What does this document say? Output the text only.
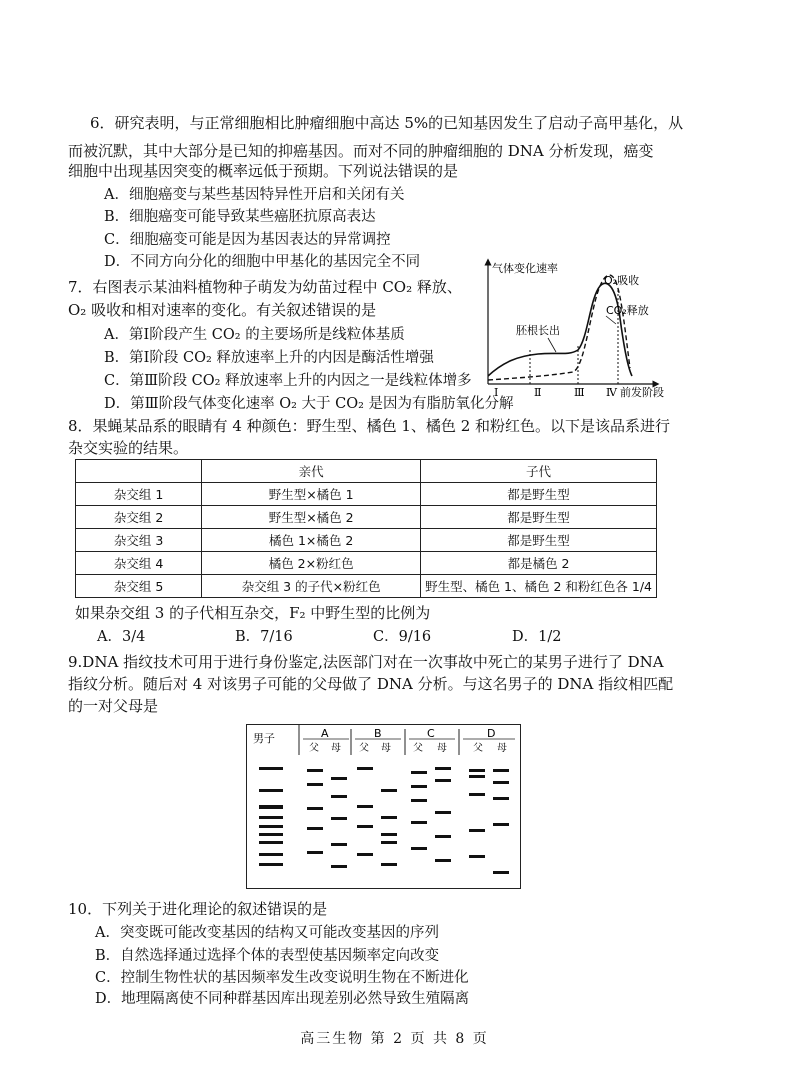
6．研究表明，与正常细胞相比肿瘤细胞中高达 5%的已知基因发生了启动子高甲基化，从
而被沉默，其中大部分是已知的抑癌基因。而对不同的肿瘤细胞的 DNA 分析发现，癌变
细胞中出现基因突变的概率远低于预期。下列说法错误的是
A．细胞癌变与某些基因特异性开启和关闭有关
B．细胞癌变可能导致某些癌胚抗原高表达
C．细胞癌变可能是因为基因表达的异常调控
D．不同方向分化的细胞中甲基化的基因完全不同
7．右图表示某油料植物种子萌发为幼苗过程中 CO₂ 释放、
O₂ 吸收和相对速率的变化。有关叙述错误的是
A．第Ⅰ阶段产生 CO₂ 的主要场所是线粒体基质
B．第Ⅰ阶段 CO₂ 释放速率上升的内因是酶活性增强
C．第Ⅲ阶段 CO₂ 释放速率上升的内因之一是线粒体增多
D．第Ⅲ阶段气体变化速率 O₂ 大于 CO₂ 是因为有脂肪氧化分解
气体变化速率
O₂吸收
CO₂释放
胚根长出
Ⅰ	Ⅱ	Ⅲ Ⅳ 前发阶段
8．果蝇某品系的眼睛有 4 种颜色：野生型、橘色 1、橘色 2 和粉红色。以下是该品系进行
杂交实验的结果。
	亲代	子代
杂交组 1	野生型×橘色 1	都是野生型
杂交组 2	野生型×橘色 2	都是野生型
杂交组 3	橘色 1×橘色 2	都是野生型
杂交组 4	橘色 2×粉红色	都是橘色 2
杂交组 5	杂交组 3 的子代×粉红色	野生型、橘色 1、橘色 2 和粉红色各 1/4
如果杂交组 3 的子代相互杂交，F₂ 中野生型的比例为
A．3/4	B．7/16	C．9/16	D．1/2
9.DNA 指纹技术可用于进行身份鉴定,法医部门对在一次事故中死亡的某男子进行了 DNA
指纹分析。随后对 4 对该男子可能的父母做了 DNA 分析。与这名男子的 DNA 指纹相匹配
的一对父母是
男子	A	B	C	D
父 母 父 母 父 母	父 母
10．下列关于进化理论的叙述错误的是
A．突变既可能改变基因的结构又可能改变基因的序列
B．自然选择通过选择个体的表型使基因频率定向改变
C．控制生物性状的基因频率发生改变说明生物在不断进化
D．地理隔离使不同种群基因库出现差别必然导致生殖隔离
高三生物 第 2 页 共 8 页
